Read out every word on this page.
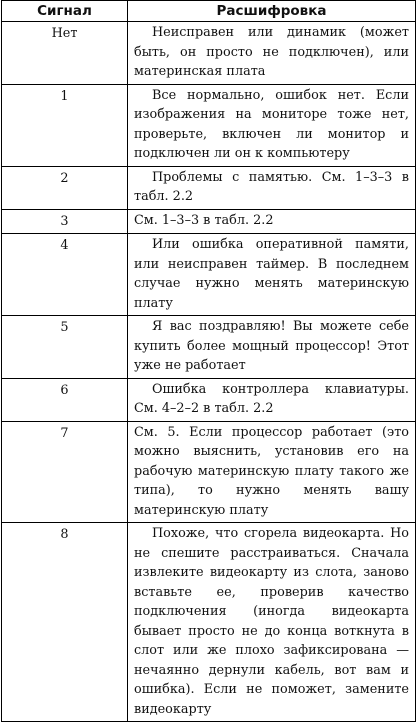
Сигнал	Расшифровка
Нет	Неисправен или динамик (может быть, он просто не подключен), или материнская плата
1	Все нормально, ошибок нет. Если изображения на мониторе тоже нет, проверьте, включен ли монитор и подключен ли он к компьютеру
2	Проблемы с памятью. См. 1–3–3 в табл. 2.2
3	См. 1–3–3 в табл. 2.2
4	Или ошибка оперативной памяти, или неисправен таймер. В последнем случае нужно менять материнскую плату
5	Я вас поздравляю! Вы можете себе купить более мощный процессор! Этот уже не работает
6	Ошибка контроллера клавиатуры. См. 4–2–2 в табл. 2.2
7	См. 5. Если процессор работает (это можно выяснить, установив его на рабочую материнскую плату такого же типа), то нужно менять вашу материнскую плату
8	Похоже, что сгорела видеокарта. Но не спешите расстраиваться. Сначала извлеките видеокарту из слота, заново вставьте ее, проверив качество подключения (иногда видеокарта бывает просто не до конца воткнута в слот или же плохо зафиксирована — нечаянно дернули кабель, вот вам и ошибка). Если не поможет, замените видеокарту
